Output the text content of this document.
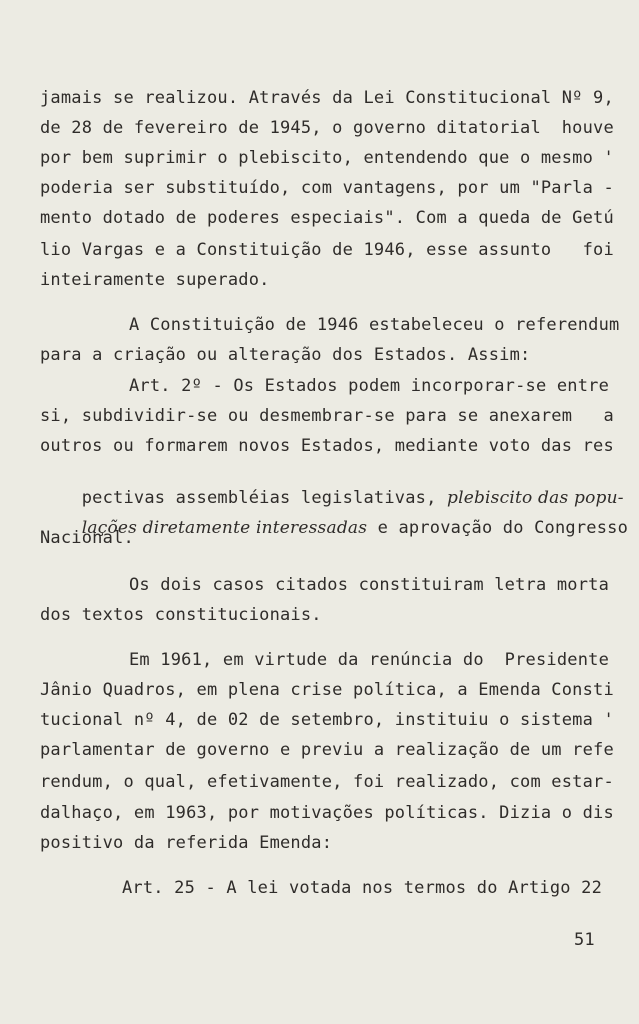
jamais se realizou. Através da Lei Constitucional Nº 9,
de 28 de fevereiro de 1945, o governo ditatorial  houve
por bem suprimir o plebiscito, entendendo que o mesmo '
poderia ser substituído, com vantagens, por um "Parla -
mento dotado de poderes especiais". Com a queda de Getú
lio Vargas e a Constituição de 1946, esse assunto   foi
inteiramente superado.
A Constituição de 1946 estabeleceu o referendum
para a criação ou alteração dos Estados. Assim:
Art. 2º - Os Estados podem incorporar-se entre
si, subdividir-se ou desmembrar-se para se anexarem   a
outros ou formarem novos Estados, mediante voto das res

pectivas assembléias legislativas, plebiscito das popu-

lações diretamente interessadas e aprovação do Congresso

Nacional.
Os dois casos citados constituiram letra morta
dos textos constitucionais.
Em 1961, em virtude da renúncia do  Presidente
Jânio Quadros, em plena crise política, a Emenda Consti
tucional nº 4, de 02 de setembro, instituiu o sistema '
parlamentar de governo e previu a realização de um refe
rendum, o qual, efetivamente, foi realizado, com estar-
dalhaço, em 1963, por motivações políticas. Dizia o dis
positivo da referida Emenda:
Art. 25 - A lei votada nos termos do Artigo 22
51
